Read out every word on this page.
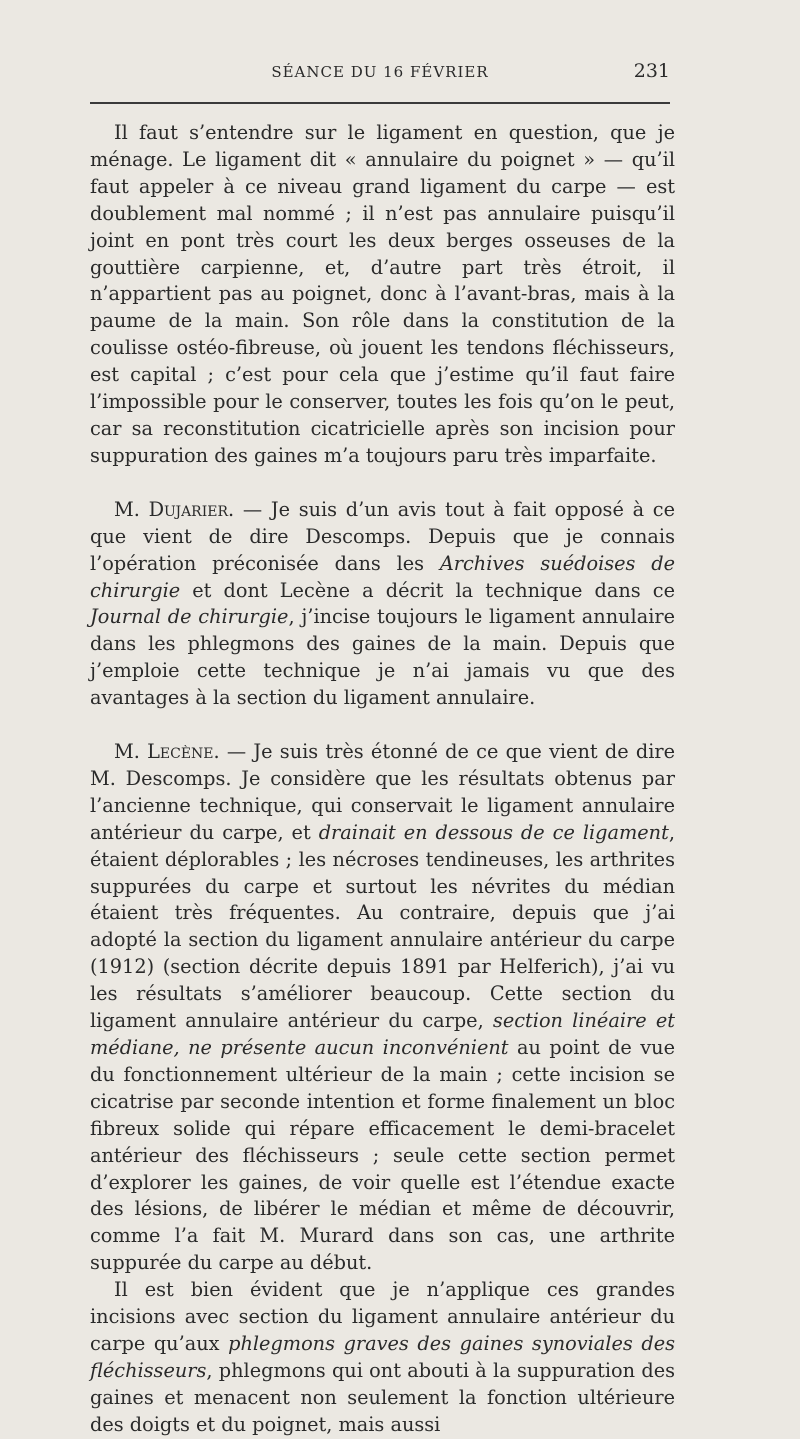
SÉANCE DU 16 FÉVRIER	231

Il faut s’entendre sur le ligament en question, que je ménage. Le ligament dit « annulaire du poignet » — qu’il faut appeler à ce niveau grand ligament du carpe — est doublement mal nommé ; il n’est pas annulaire puisqu’il joint en pont très court les deux berges osseuses de la gouttière carpienne, et, d’autre part très étroit, il n’appartient pas au poignet, donc à l’avant-bras, mais à la paume de la main. Son rôle dans la constitution de la coulisse ostéo-fibreuse, où jouent les tendons fléchisseurs, est capital ; c’est pour cela que j’estime qu’il faut faire l’impossible pour le conserver, toutes les fois qu’on le peut, car sa reconstitution cicatricielle après son incision pour suppuration des gaines m’a toujours paru très imparfaite.

M. Dujarier. — Je suis d’un avis tout à fait opposé à ce que vient de dire Descomps. Depuis que je connais l’opération préconisée dans les Archives suédoises de chirurgie et dont Lecène a décrit la technique dans ce Journal de chirurgie, j’incise toujours le ligament annulaire dans les phlegmons des gaines de la main. Depuis que j’emploie cette technique je n’ai jamais vu que des avantages à la section du ligament annulaire.

M. Lecène. — Je suis très étonné de ce que vient de dire M. Descomps. Je considère que les résultats obtenus par l’ancienne technique, qui conservait le ligament annulaire antérieur du carpe, et drainait en dessous de ce ligament, étaient déplorables ; les nécroses tendineuses, les arthrites suppurées du carpe et surtout les névrites du médian étaient très fréquentes. Au contraire, depuis que j’ai adopté la section du ligament annulaire antérieur du carpe (1912) (section décrite depuis 1891 par Helferich), j’ai vu les résultats s’améliorer beaucoup. Cette section du ligament annulaire antérieur du carpe, section linéaire et médiane, ne présente aucun inconvénient au point de vue du fonctionnement ultérieur de la main ; cette incision se cicatrise par seconde intention et forme finalement un bloc fibreux solide qui répare efficacement le demi-bracelet antérieur des fléchisseurs ; seule cette section permet d’explorer les gaines, de voir quelle est l’étendue exacte des lésions, de libérer le médian et même de découvrir, comme l’a fait M. Murard dans son cas, une arthrite suppurée du carpe au début.

Il est bien évident que je n’applique ces grandes incisions avec section du ligament annulaire antérieur du carpe qu’aux phlegmons graves des gaines synoviales des fléchisseurs, phlegmons qui ont abouti à la suppuration des gaines et menacent non seulement la fonction ultérieure des doigts et du poignet, mais aussi
